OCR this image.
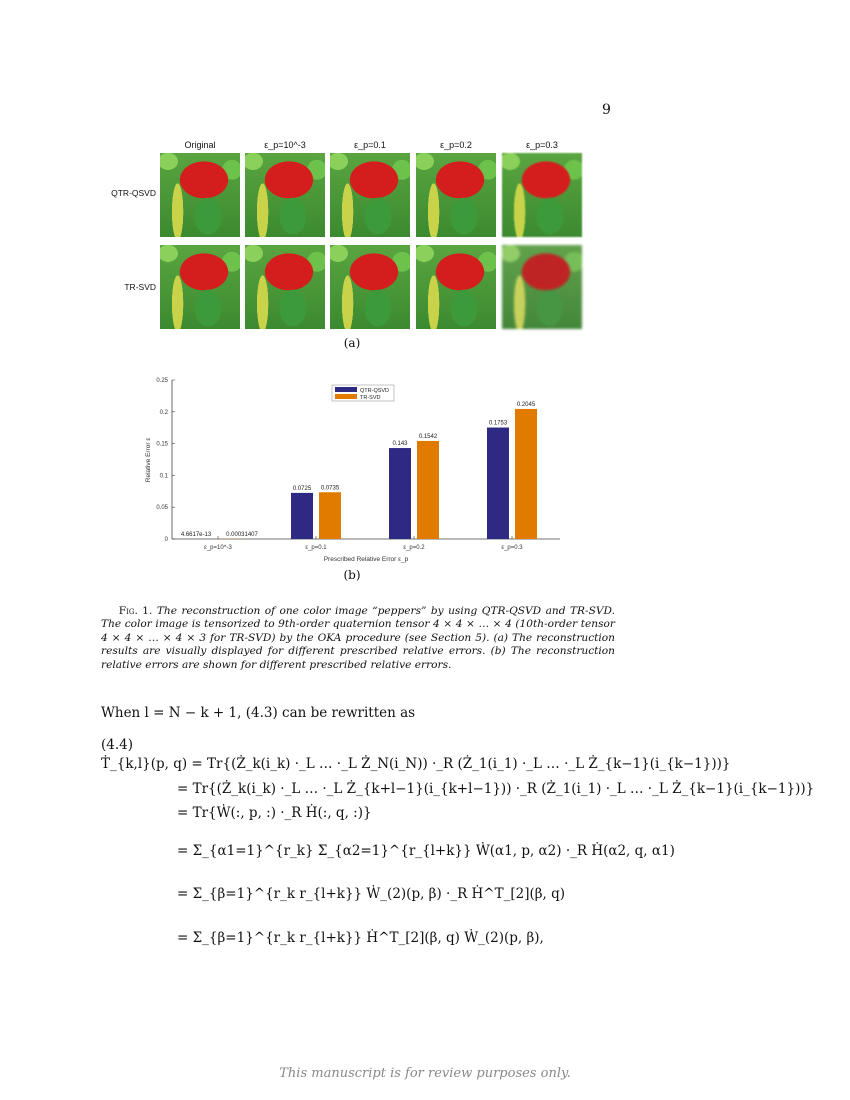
9
Original	ε_p=10^-3	ε_p=0.1	ε_p=0.2	ε_p=0.3
QTR-QSVD
TR-SVD
(a)
0
0.05
0.1
0.15
0.2
0.25
ε_p=10^-3
4.6617e-13 0.00031407
ε_p=0.1
0.0725 0.0735
ε_p=0.2
0.143
0.1542
ε_p=0.3
0.1753
0.2045
Prescribed Relative Error ε_p
Relative Error ε
QTR-QSVD
TR-SVD
(b)
Fig. 1. The reconstruction of one color image “peppers” by using QTR-QSVD and TR-SVD. The color image is tensorized to 9th-order quaternion tensor 4 × 4 × … × 4 (10th-order tensor 4 × 4 × … × 4 × 3 for TR-SVD) by the OKA procedure (see Section 5). (a) The reconstruction results are visually displayed for different prescribed relative errors. (b) The reconstruction relative errors are shown for different prescribed relative errors.
When l = N − k + 1, (4.3) can be rewritten as
(4.4)
Ṫ_{k,l}(p, q) = Tr{(Ż_k(i_k) ·_L … ·_L Ż_N(i_N)) ·_R (Ż_1(i_1) ·_L … ·_L Ż_{k−1}(i_{k−1}))}
= Tr{(Ż_k(i_k) ·_L … ·_L Ż_{k+l−1}(i_{k+l−1})) ·_R (Ż_1(i_1) ·_L … ·_L Ż_{k−1}(i_{k−1}))}
= Tr{Ẇ(:, p, :) ·_R Ḣ(:, q, :)}
= Σ_{α1=1}^{r_k} Σ_{α2=1}^{r_{l+k}} Ẇ(α1, p, α2) ·_R Ḣ(α2, q, α1)
= Σ_{β=1}^{r_k r_{l+k}} Ẇ_(2)(p, β) ·_R Ḣ^T_[2](β, q)
= Σ_{β=1}^{r_k r_{l+k}} Ḣ^T_[2](β, q) Ẇ_(2)(p, β),
This manuscript is for review purposes only.
